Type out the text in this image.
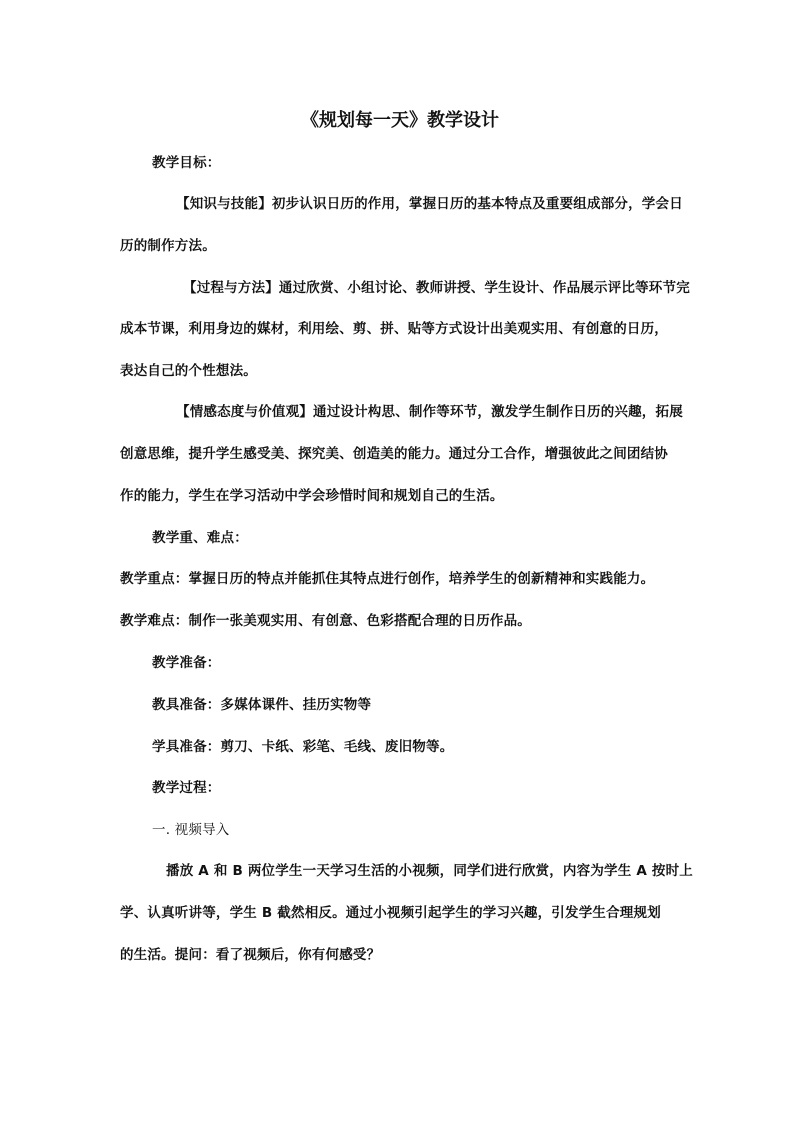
《规划每一天》教学设计
教学目标：
【知识与技能】初步认识日历的作用，掌握日历的基本特点及重要组成部分，学会日
历的制作方法。
【过程与方法】通过欣赏、小组讨论、教师讲授、学生设计、作品展示评比等环节完
成本节课，利用身边的媒材，利用绘、剪、拼、贴等方式设计出美观实用、有创意的日历，
表达自己的个性想法。
【情感态度与价值观】通过设计构思、制作等环节，激发学生制作日历的兴趣，拓展
创意思维，提升学生感受美、探究美、创造美的能力。通过分工合作，增强彼此之间团结协
作的能力，学生在学习活动中学会珍惜时间和规划自己的生活。
教学重、难点：
教学重点：掌握日历的特点并能抓住其特点进行创作，培养学生的创新精神和实践能力。
教学难点：制作一张美观实用、有创意、色彩搭配合理的日历作品。
教学准备：
教具准备：多媒体课件、挂历实物等
学具准备：剪刀、卡纸、彩笔、毛线、废旧物等。
教学过程：
一. 视频导入
播放 A 和 B 两位学生一天学习生活的小视频，同学们进行欣赏，内容为学生 A 按时上
学、认真听讲等，学生 B 截然相反。通过小视频引起学生的学习兴趣，引发学生合理规划
的生活。提问：看了视频后，你有何感受？
